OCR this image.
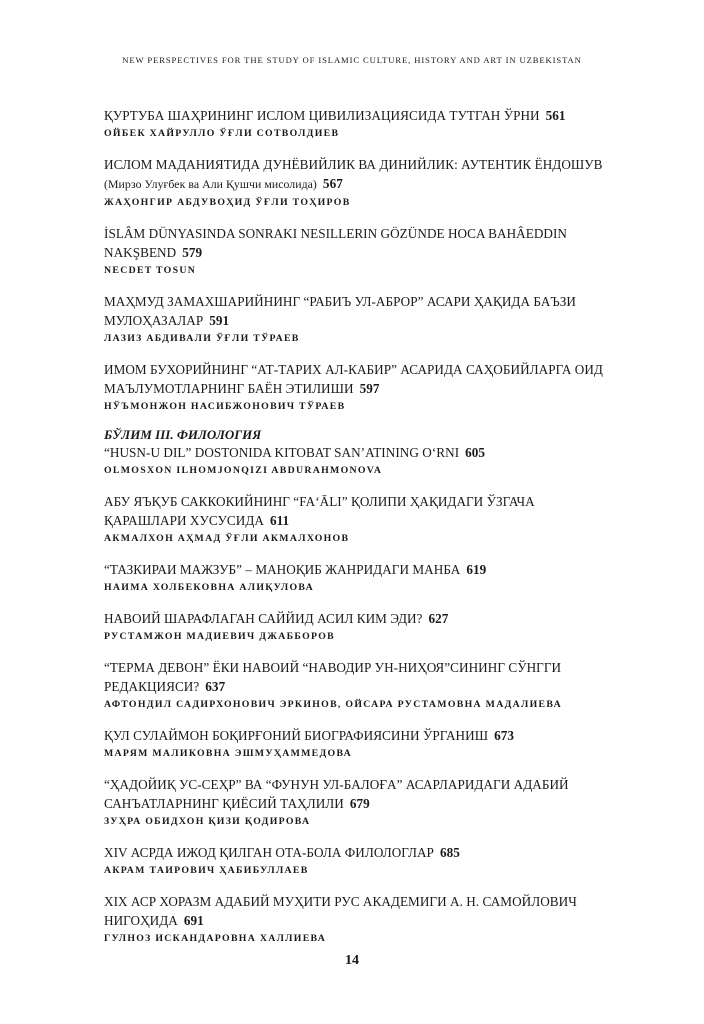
NEW PERSPECTIVES FOR THE STUDY OF ISLAMIC CULTURE, HISTORY AND ART IN UZBEKISTAN
ҚУРТУБА ШАҲРИНИНГ ИСЛОМ ЦИВИЛИЗАЦИЯСИДА ТУТГАН ЎРНИ 561
ОЙБЕК ХАЙРУЛЛО ЎҒЛИ СОТВОЛДИЕВ
ИСЛОМ МАДАНИЯТИДА ДУНЁВИЙЛИК ВА ДИНИЙЛИК: АУТЕНТИК ЁНДОШУВ
(Мирзо Улуғбек ва Али Қушчи мисолида) 567
ЖАҲОНГИР АБДУВОҲИД ЎҒЛИ ТОҲИРОВ
İSLÂM DÜNYASINDA SONRAKI NESILLERIN GÖZÜNDE HOCA BAHÂEDDIN NAKŞBEND 579
NECDET TOSUN
МАҲМУД ЗАМАХШАРИЙНИНГ “РАБИЪ УЛ-АБРОР” АСАРИ ҲАҚИДА БАЪЗИ МУЛОҲАЗАЛАР 591
ЛАЗИЗ АБДИВАЛИ ЎҒЛИ ТЎРАЕВ
ИМОМ БУХОРИЙНИНГ “АТ-ТАРИХ АЛ-КАБИР” АСАРИДА САҲОБИЙЛАРГА ОИД МАЪЛУМОТЛАРНИНГ БАЁН ЭТИЛИШИ 597
НЎЪМОНЖОН НАСИБЖОНОВИЧ ТЎРАЕВ
БЎЛИМ III. ФИЛОЛОГИЯ
“HUSN-U DIL” DOSTONIDA KITOBAT SAN’ATINING O‘RNI 605
OLMOSXON ILHOMJONQIZI ABDURAHMONOVA
АБУ ЯЪҚУБ САККОКИЙНИНГ “FA‘ĀLI” ҚОЛИПИ ҲАҚИДАГИ ЎЗГАЧА ҚАРАШЛАРИ ХУСУСИДА 611
АКМАЛХОН АҲМАД ЎҒЛИ АКМАЛХОНОВ
“ТАЗКИРАИ МАЖЗУБ” – МАНОҚИБ ЖАНРИДАГИ МАНБА 619
НАИМА ХОЛБЕКОВНА АЛИҚУЛОВА
НАВОИЙ ШАРАФЛАГАН САЙЙИД АСИЛ КИМ ЭДИ? 627
РУСТАМЖОН МАДИЕВИЧ ДЖАББОРОВ
“ТЕРМА ДЕВОН” ЁКИ НАВОИЙ “НАВОДИР УН-НИҲОЯ”СИНИНГ СЎНГГИ РЕДАКЦИЯСИ? 637
АФТОНДИЛ САДИРХОНОВИЧ ЭРКИНОВ, ОЙСАРА РУСТАМОВНА МАДАЛИЕВА
ҚУЛ СУЛАЙМОН БОҚИРҒОНИЙ БИОГРАФИЯСИНИ ЎРГАНИШ 673
МАРЯМ МАЛИКОВНА ЭШМУҲАММЕДОВА
“ҲАДОЙИҚ УС-СЕҲР” ВА “ФУНУН УЛ-БАЛОҒА” АСАРЛАРИДАГИ АДАБИЙ САНЪАТЛАРНИНГ ҚИЁСИЙ ТАҲЛИЛИ 679
ЗУҲРА ОБИДХОН ҚИЗИ ҚОДИРОВА
XIV АСРДА ИЖОД ҚИЛГАН ОТА-БОЛА ФИЛОЛОГЛАР 685
АКРАМ ТАИРОВИЧ ҲАБИБУЛЛАЕВ
XIX АСР ХОРАЗМ АДАБИЙ МУҲИТИ РУС АКАДЕМИГИ А. Н. САМОЙЛОВИЧ НИГОҲИДА 691
ГУЛНОЗ ИСКАНДАРОВНА ХАЛЛИЕВА
14
